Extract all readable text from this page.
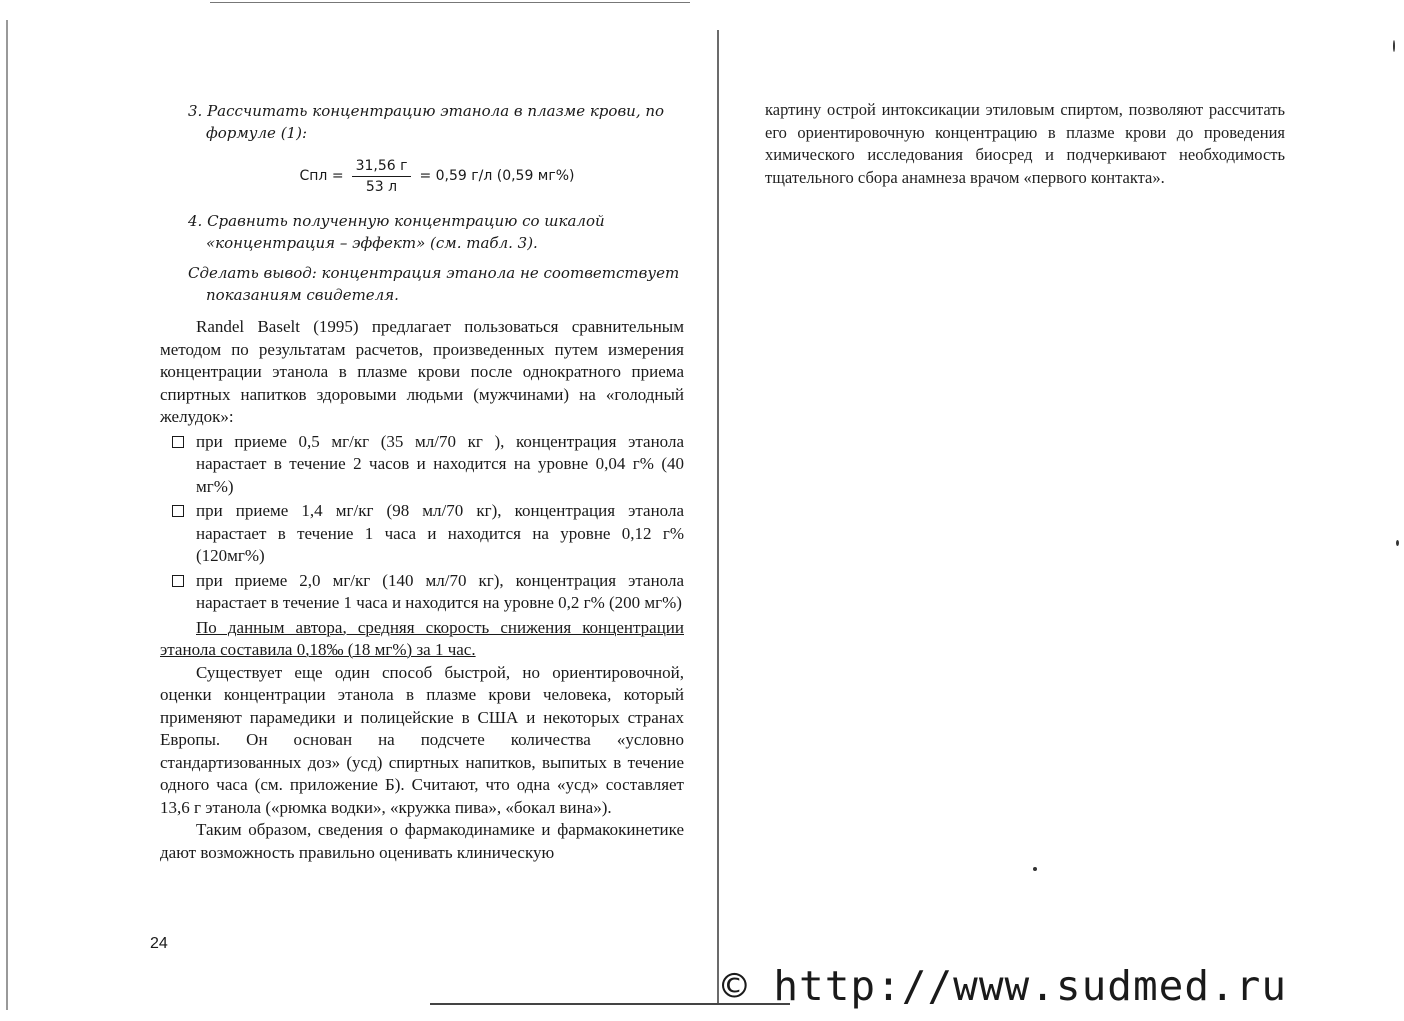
3. Рассчитать концентрацию этанола в плазме крови, по формуле (1):

Спл = $\frac{31,56 г}{53 л} = 0,59$ г/л (0,59 мг%)

4. Сравнить полученную концентрацию со шкалой «концентрация – эффект» (см. табл. 3).

Сделать вывод: концентрация этанола не соответствует показаниям свидетеля.

Randel Baselt (1995) предлагает пользоваться сравнительным методом по результатам расчетов, произведенных путем измерения концентрации этанола в плазме крови после однократного приема спиртных напитков здоровыми людьми (мужчинами) на «голодный желудок»:

при приеме 0,5 мг/кг (35 мл/70 кг ), концентрация этанола нарастает в течение 2 часов и находится на уровне 0,04 г% (40 мг%)
при приеме 1,4 мг/кг (98 мл/70 кг), концентрация этанола нарастает в течение 1 часа и находится на уровне 0,12 г% (120мг%)
при приеме 2,0 мг/кг (140 мл/70 кг), концентрация этанола нарастает в течение 1 часа и находится на уровне 0,2 г% (200 мг%)

По данным автора, средняя скорость снижения концентрации этанола составила 0,18‰ (18 мг%) за 1 час.

Существует еще один способ быстрой, но ориентировочной, оценки концентрации этанола в плазме крови человека, который применяют парамедики и полицейские в США и некоторых странах Европы. Он основан на подсчете количества «условно стандартизованных доз» (усд) спиртных напитков, выпитых в течение одного часа (см. приложение Б). Считают, что одна «усд» составляет 13,6 г этанола («рюмка водки», «кружка пива», «бокал вина»).

Таким образом, сведения о фармакодинамике и фармакокинетике дают возможность правильно оценивать клиническую

24

картину острой интоксикации этиловым спиртом, позволяют рассчитать его ориентировочную концентрацию в плазме крови до проведения химического исследования биосред и подчеркивают необходимость тщательного сбора анамнеза врачом «первого контакта».

© http://www.sudmed.ru
